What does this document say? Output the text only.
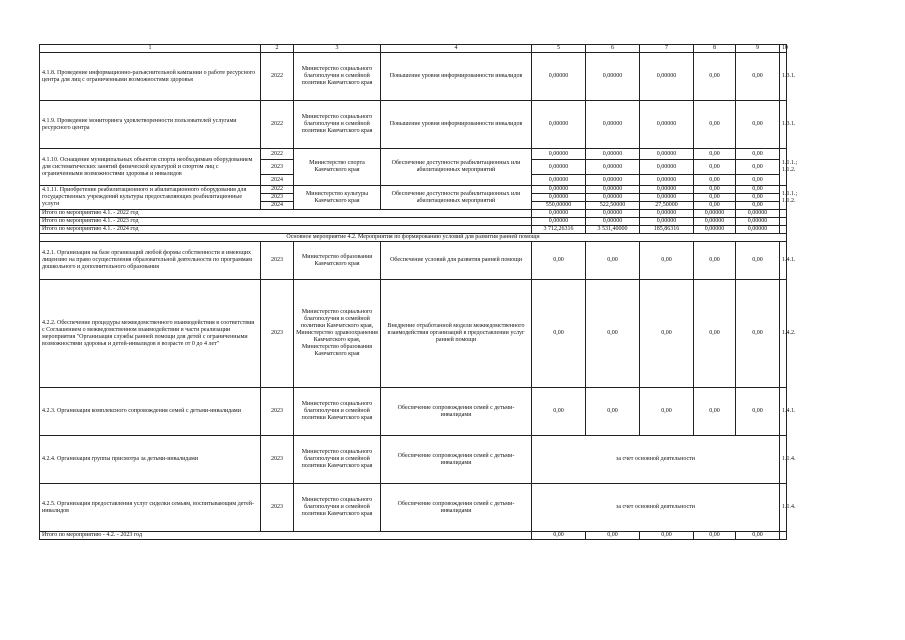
1	2	3	4	5	6	7	8	9	10
4.1.8. Проведение информационно-разъяснительной кампании о работе ресурсного центра для лиц с ограниченными возможностями здоровья	2022	Министерство социального благополучия и семейной политики Камчатского края	Повышение уровня информированности инвалидов	0,00000	0,00000	0,00000	0,00	0,00	1.3.1.
4.1.9. Проведение мониторинга удовлетворенности пользователей услугами ресурсного центра	2022	Министерство социального благополучия и семейной политики Камчатского края	Повышение уровня информированности инвалидов	0,00000	0,00000	0,00000	0,00	0,00	1.3.1.
4.1.10. Оснащение муниципальных объектов спорта необходимым оборудованием для систематических занятий физической культурой и спортом лиц с ограниченными возможностями здоровья и инвалидов	2022	Министерство спорта Камчатского края	Обеспечение доступности реабилитационных или абилитационных мероприятий	0,00000	0,00000	0,00000	0,00	0,00	1.1.1.; 1.1.2.
	2023			0,00000	0,00000	0,00000	0,00	0,00	
	2024			0,00000	0,00000	0,00000	0,00	0,00	
4.1.11. Приобретение реабилитационного и абилитационного оборудования для государственных учреждений культуры предоставляющих реабилитационные услуги	2022	Министерство культуры Камчатского края	Обеспечение доступности реабилитационных или абилитационных мероприятий	0,00000	0,00000	0,00000	0,00	0,00	1.1.1.; 1.1.2.
	2023			0,00000	0,00000	0,00000	0,00	0,00	
	2024			550,00000	522,50000	27,50000	0,00	0,00	
Итого по мероприятию 4.1. - 2022 год				0,00000	0,00000	0,00000	0,00000	0,00000	
Итого по мероприятию 4.1. - 2023 год				0,00000	0,00000	0,00000	0,00000	0,00000	
Итого по мероприятию 4.1. - 2024 год				3 712,26316	3 531,40000	185,86316	0,00000	0,00000	
Основное мероприятие 4.2. Мероприятия по формированию условий для развития ранней помощи									
4.2.1. Организация на базе организаций любой формы собственности и имеющих лицензию на право осуществления образовательной деятельности по программам дошкольного и дополнительного образования	2023	Министерство образования Камчатского края	Обеспечение условий для развития ранней помощи	0,00	0,00	0,00	0,00	0,00	1.4.1.
4.2.2. Обеспечение процедуры межведомственного взаимодействия в соответствии с Соглашением о межведомственном взаимодействии в части реализации мероприятия "Организация службы ранней помощи для детей с ограниченными возможностями здоровья и детей-инвалидов в возрасте от 0 до 4 лет"	2023	Министерство социального благополучия и семейной политики Камчатского края, Министерство здравоохранения Камчатского края, Министерство образования Камчатского края	Внедрение отработанной модели межведомственного взаимодействия организаций в предоставлении услуг ранней помощи	0,00	0,00	0,00	0,00	0,00	1.4.2.
4.2.3. Организация комплексного сопровождения семей с детьми-инвалидами	2023	Министерство социального благополучия и семейной политики Камчатского края	Обеспечение сопровождения семей с детьми-инвалидами	0,00	0,00	0,00	0,00	0,00	1.4.1.
4.2.4. Организация группы присмотра за детьми-инвалидами	2023	Министерство социального благополучия и семейной политики Камчатского края	Обеспечение сопровождения семей с детьми-инвалидами	за счет основной деятельности					1.1.4.
4.2.5. Организация предоставления услуг сиделки семьям, воспитывающим детей-инвалидов	2023	Министерство социального благополучия и семейной политики Камчатского края	Обеспечение сопровождения семей с детьми-инвалидами	за счет основной деятельности					1.1.4.
Итого по мероприятию - 4.2. - 2023 год				0,00	0,00	0,00	0,00	0,00	
